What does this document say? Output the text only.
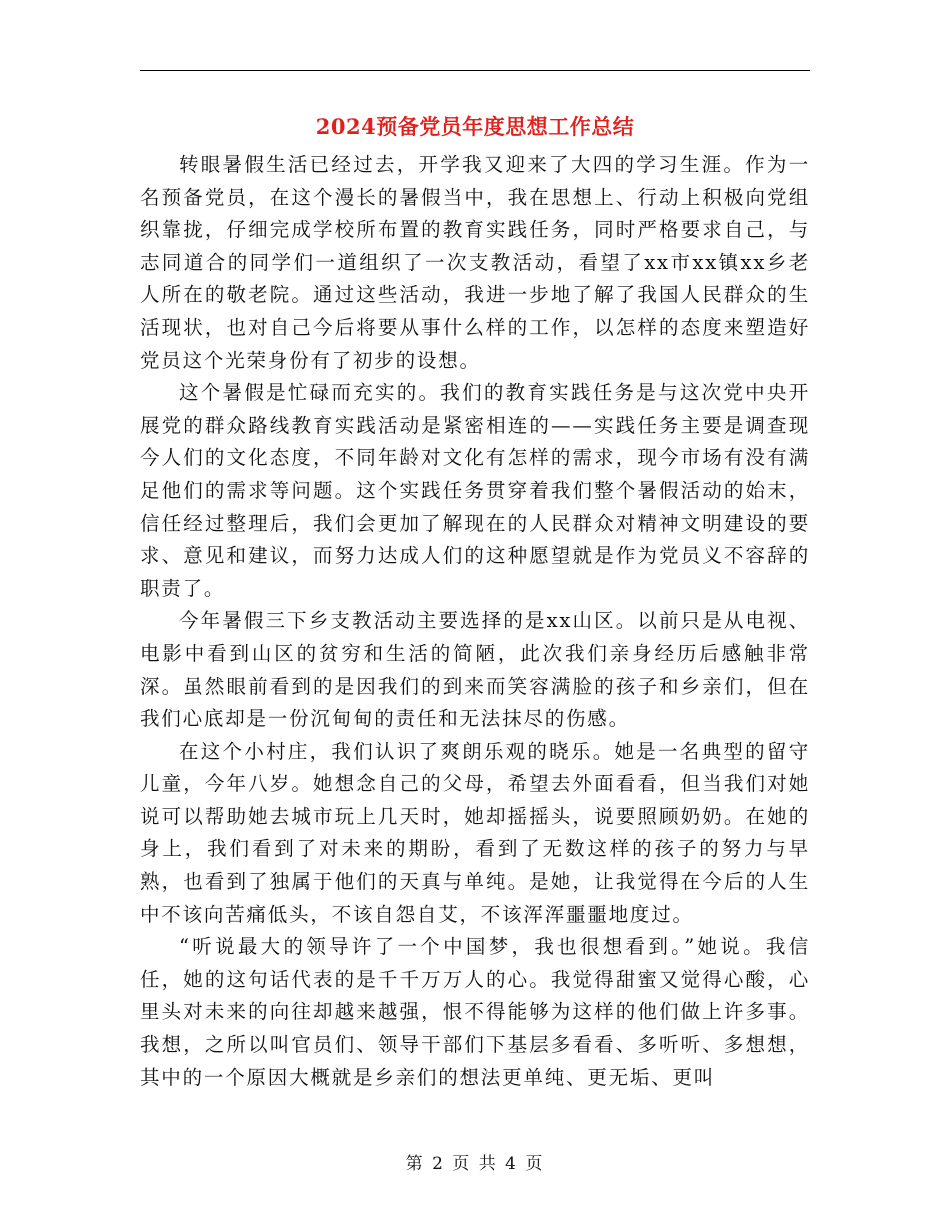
2024预备党员年度思想工作总结

转眼暑假生活已经过去，开学我又迎来了大四的学习生涯。作为一名预备党员，在这个漫长的暑假当中，我在思想上、行动上积极向党组织靠拢，仔细完成学校所布置的教育实践任务，同时严格要求自己，与志同道合的同学们一道组织了一次支教活动，看望了xx市xx镇xx乡老人所在的敬老院。通过这些活动，我进一步地了解了我国人民群众的生活现状，也对自己今后将要从事什么样的工作，以怎样的态度来塑造好党员这个光荣身份有了初步的设想。

这个暑假是忙碌而充实的。我们的教育实践任务是与这次党中央开展党的群众路线教育实践活动是紧密相连的——实践任务主要是调查现今人们的文化态度，不同年龄对文化有怎样的需求，现今市场有没有满足他们的需求等问题。这个实践任务贯穿着我们整个暑假活动的始末，信任经过整理后，我们会更加了解现在的人民群众对精神文明建设的要求、意见和建议，而努力达成人们的这种愿望就是作为党员义不容辞的职责了。

今年暑假三下乡支教活动主要选择的是xx山区。以前只是从电视、电影中看到山区的贫穷和生活的简陋，此次我们亲身经历后感触非常深。虽然眼前看到的是因我们的到来而笑容满脸的孩子和乡亲们，但在我们心底却是一份沉甸甸的责任和无法抹尽的伤感。

在这个小村庄，我们认识了爽朗乐观的晓乐。她是一名典型的留守儿童，今年八岁。她想念自己的父母，希望去外面看看，但当我们对她说可以帮助她去城市玩上几天时，她却摇摇头，说要照顾奶奶。在她的身上，我们看到了对未来的期盼，看到了无数这样的孩子的努力与早熟，也看到了独属于他们的天真与单纯。是她，让我觉得在今后的人生中不该向苦痛低头，不该自怨自艾，不该浑浑噩噩地度过。

“听说最大的领导许了一个中国梦，我也很想看到。”她说。我信任，她的这句话代表的是千千万万人的心。我觉得甜蜜又觉得心酸，心里头对未来的向往却越来越强，恨不得能够为这样的他们做上许多事。我想，之所以叫官员们、领导干部们下基层多看看、多听听、多想想，其中的一个原因大概就是乡亲们的想法更单纯、更无垢、更叫

第 2 页 共 4 页
